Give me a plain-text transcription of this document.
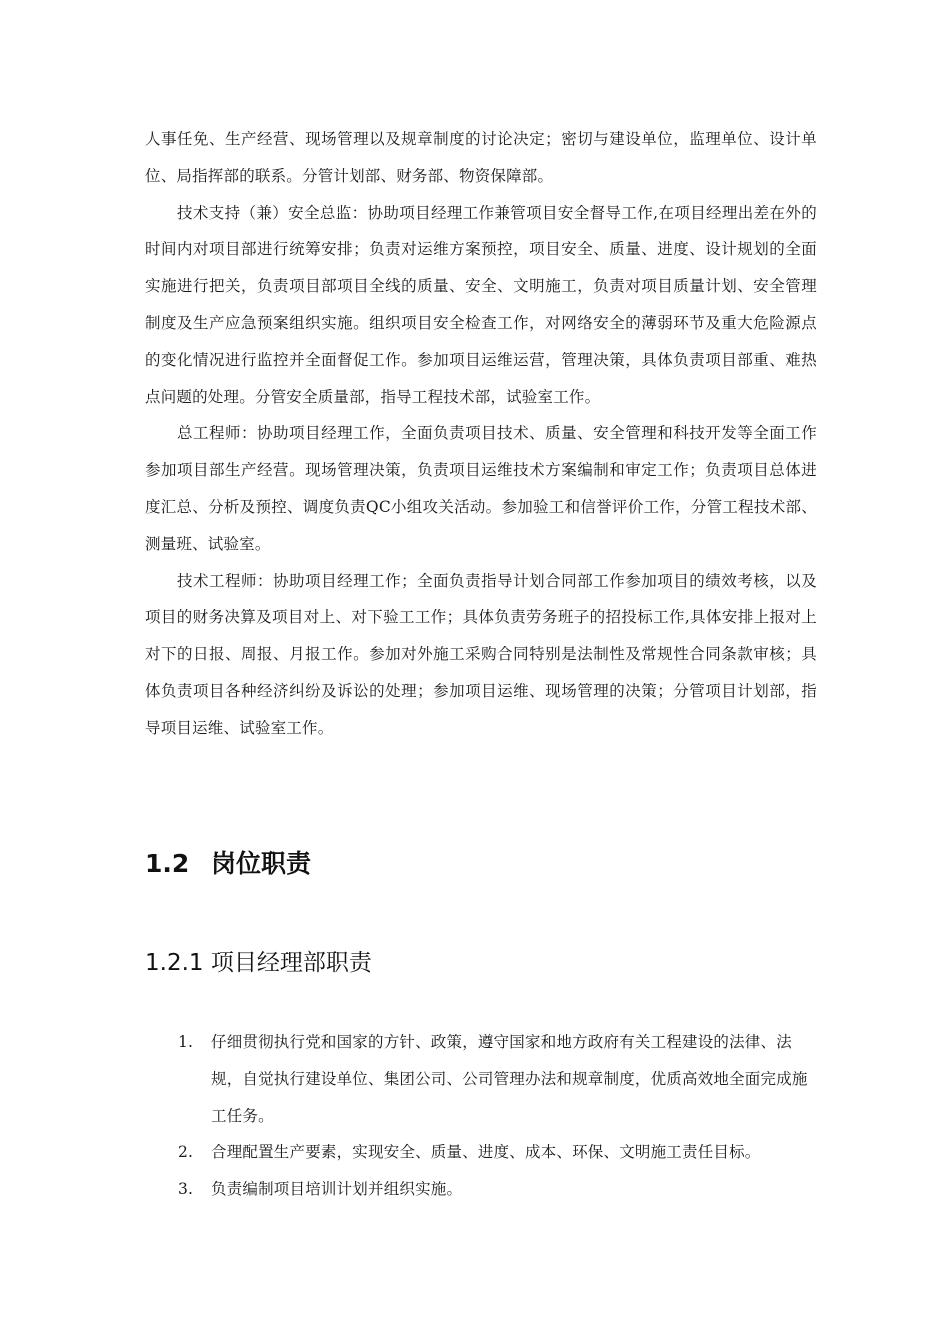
人事任免、生产经营、现场管理以及规章制度的讨论决定；密切与建设单位，监理单位、设计单位、局指挥部的联系。分管计划部、财务部、物资保障部。

技术支持（兼）安全总监：协助项目经理工作兼管项目安全督导工作,在项目经理出差在外的时间内对项目部进行统筹安排；负责对运维方案预控，项目安全、质量、进度、设计规划的全面实施进行把关，负责项目部项目全线的质量、安全、文明施工，负责对项目质量计划、安全管理制度及生产应急预案组织实施。组织项目安全检查工作，对网络安全的薄弱环节及重大危险源点的变化情况进行监控并全面督促工作。参加项目运维运营，管理决策，具体负责项目部重、难热点问题的处理。分管安全质量部，指导工程技术部，试验室工作。

总工程师：协助项目经理工作，全面负责项目技术、质量、安全管理和科技开发等全面工作参加项目部生产经营。现场管理决策，负责项目运维技术方案编制和审定工作；负责项目总体进度汇总、分析及预控、调度负责QC小组攻关活动。参加验工和信誉评价工作，分管工程技术部、测量班、试验室。

技术工程师：协助项目经理工作；全面负责指导计划合同部工作参加项目的绩效考核，以及项目的财务决算及项目对上、对下验工工作；具体负责劳务班子的招投标工作,具体安排上报对上对下的日报、周报、月报工作。参加对外施工采购合同特别是法制性及常规性合同条款审核；具体负责项目各种经济纠纷及诉讼的处理；参加项目运维、现场管理的决策；分管项目计划部，指导项目运维、试验室工作。

1.2 岗位职责
1.2.1 项目经理部职责
1. 仔细贯彻执行党和国家的方针、政策，遵守国家和地方政府有关工程建设的法律、法规，自觉执行建设单位、集团公司、公司管理办法和规章制度，优质高效地全面完成施工任务。
2. 合理配置生产要素，实现安全、质量、进度、成本、环保、文明施工责任目标。
3. 负责编制项目培训计划并组织实施。
